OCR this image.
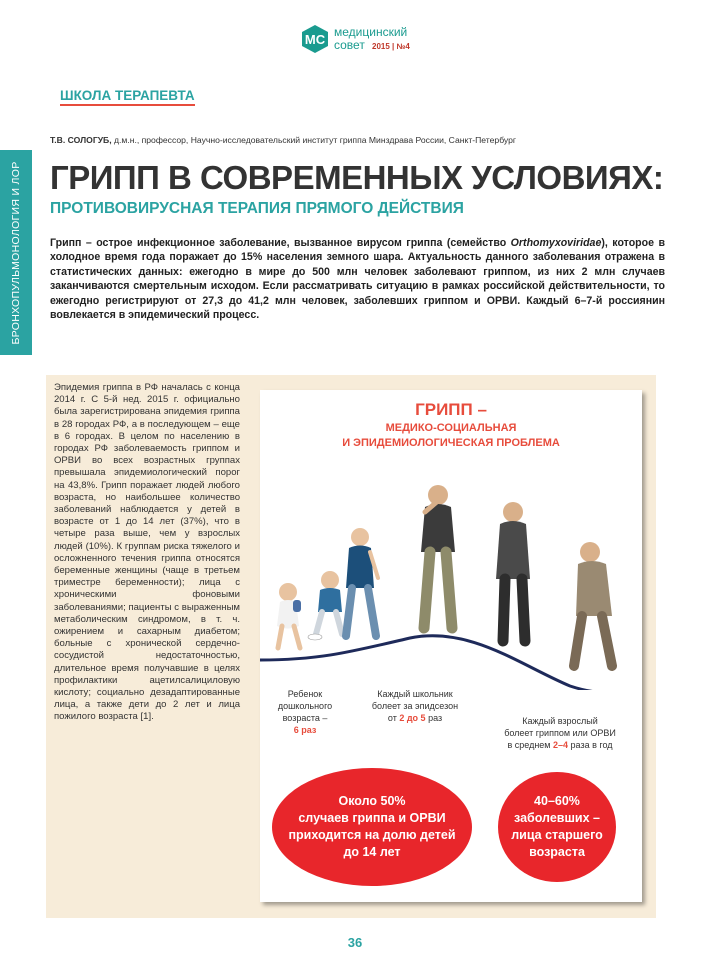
МС медицинский
совет 2015 | №4
БРОНХОПУЛЬМОНОЛОГИЯ И ЛОР
ШКОЛА ТЕРАПЕВТА
Т.В. СОЛОГУБ, д.м.н., профессор, Научно-исследовательский институт гриппа Минздрава России, Санкт-Петербург
ГРИПП В СОВРЕМЕННЫХ УСЛОВИЯХ:
ПРОТИВОВИРУСНАЯ ТЕРАПИЯ ПРЯМОГО ДЕЙСТВИЯ
Грипп – острое инфекционное заболевание, вызванное вирусом гриппа (семейство Orthomyxoviridae), которое в холодное время года поражает до 15% населения земного шара. Актуальность данного заболевания отражена в статистических данных: ежегодно в мире до 500 млн человек заболевают гриппом, из них 2 млн случаев заканчиваются смертельным исходом. Если рассматривать ситуацию в рамках российской действительности, то ежегодно регистрируют от 27,3 до 41,2 млн человек, заболевших гриппом и ОРВИ. Каждый 6–7-й россиянин вовлекается в эпидемический процесс.
Эпидемия гриппа в РФ началась с конца 2014 г. С 5-й нед. 2015 г. официально была зарегистрирована эпидемия гриппа в 28 городах РФ, а в последующем – еще в 6 городах. В целом по населению в городах РФ заболеваемость гриппом и ОРВИ во всех возрастных группах превышала эпидемиологический порог на 43,8%. Грипп поражает людей любого возраста, но наибольшее количество заболеваний наблюдается у детей в возрасте от 1 до 14 лет (37%), что в четыре раза выше, чем у взрослых людей (10%). К группам риска тяжелого и осложненного течения гриппа относятся беременные женщины (чаще в третьем триместре беременности); лица с хроническими фоновыми заболеваниями; пациенты с выраженным метаболическим синдромом, в т. ч. ожирением и сахарным диабетом; больные с хронической сердечно-сосудистой недостаточностью, длительное время получавшие в целях профилактики ацетилсалициловую кислоту; социально дезадаптированные лица, а также дети до 2 лет и лица пожилого возраста [1].
ГРИПП –
МЕДИКО-СОЦИАЛЬНАЯ
И ЭПИДЕМИОЛОГИЧЕСКАЯ ПРОБЛЕМА
Ребенок
дошкольного
возраста –
6 раз
Каждый школьник
болеет за эпидсезон
от 2 до 5 раз	Каждый взрослый
болеет гриппом или ОРВИ
в среднем 2–4 раза в год
Около 50%
случаев гриппа и ОРВИ
приходится на долю детей
до 14 лет
40–60%
заболевших –
лица старшего
возраста
36
